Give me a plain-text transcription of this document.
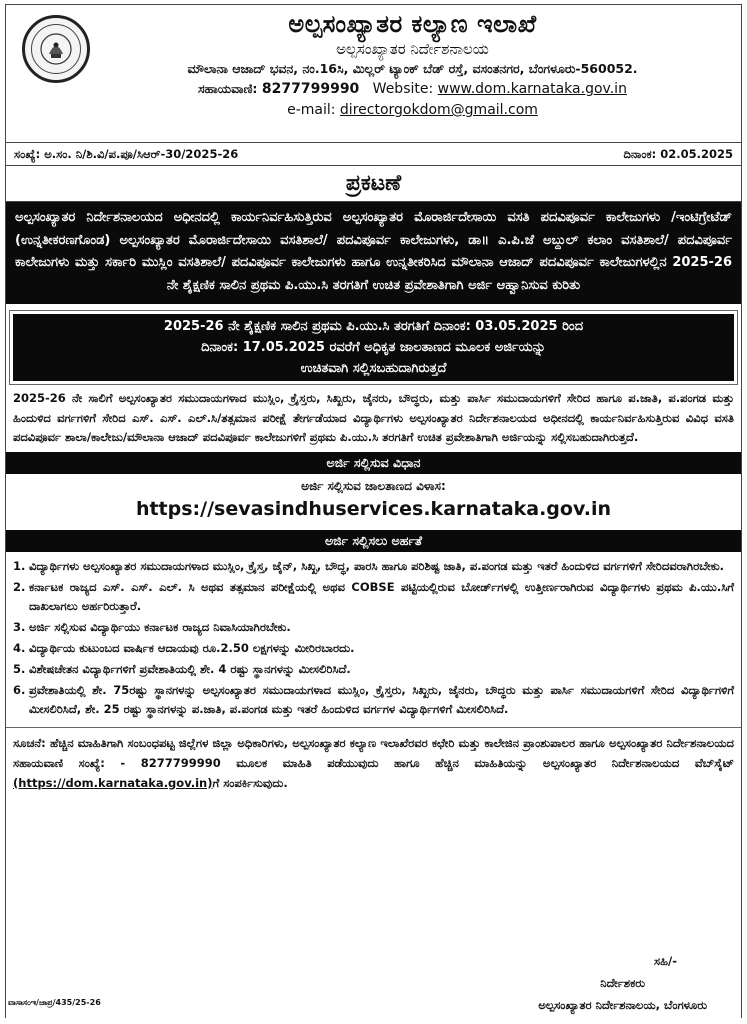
ಅಲ್ಪಸಂಖ್ಯಾತರ ಕಲ್ಯಾಣ ಇಲಾಖೆ
ಅಲ್ಪಸಂಖ್ಯಾತರ ನಿರ್ದೇಶನಾಲಯ
ಮೌಲಾನಾ ಆಜಾದ್ ಭವನ, ನಂ.16ಸಿ, ಮಿಲ್ಲರ್ ಟ್ಯಾಂಕ್ ಬೆಡ್ ರಸ್ತೆ, ವಸಂತನಗರ, ಬೆಂಗಳೂರು-560052.
ಸಹಾಯವಾಣಿ: 8277799990 Website: www.dom.karnataka.gov.in
e-mail: directorgokdom@gmail.com
ಸಂಖ್ಯೆ: ಅ.ಸಂ. ನಿ/ಶಿ.ವಿ/ಪ.ಪೂ/ಸಿಆರ್-30/2025-26	ದಿನಾಂಕ: 02.05.2025
ಪ್ರಕಟಣೆ
ಅಲ್ಪಸಂಖ್ಯಾತರ ನಿರ್ದೇಶನಾಲಯದ ಅಧೀನದಲ್ಲಿ ಕಾರ್ಯನಿರ್ವಹಿಸುತ್ತಿರುವ ಅಲ್ಪಸಂಖ್ಯಾತರ ಮೊರಾರ್ಜಿದೇಸಾಯಿ ವಸತಿ ಪದವಿಪೂರ್ವ ಕಾಲೇಜುಗಳು /ಇಂಟಿಗ್ರೇಟೆಡ್ (ಉನ್ನತೀಕರಣಗೊಂಡ) ಅಲ್ಪಸಂಖ್ಯಾತರ ಮೊರಾರ್ಜಿದೇಸಾಯಿ ವಸತಿಶಾಲೆ/ ಪದವಿಪೂರ್ವ ಕಾಲೇಜುಗಳು, ಡಾ॥ ಎ.ಪಿ.ಜೆ ಅಬ್ದುಲ್ ಕಲಾಂ ವಸತಿಶಾಲೆ/ ಪದವಿಪೂರ್ವ ಕಾಲೇಜುಗಳು ಮತ್ತು ಸರ್ಕಾರಿ ಮುಸ್ಲಿಂ ವಸತಿಶಾಲೆ/ ಪದವಿಪೂರ್ವ ಕಾಲೇಜುಗಳು ಹಾಗೂ ಉನ್ನತೀಕರಿಸಿದ ಮೌಲಾನಾ ಆಜಾದ್ ಪದವಿಪೂರ್ವ ಕಾಲೇಜುಗಳಲ್ಲಿನ 2025-26 ನೇ ಶೈಕ್ಷಣಿಕ ಸಾಲಿನ ಪ್ರಥಮ ಪಿ.ಯು.ಸಿ ತರಗತಿಗೆ ಉಚಿತ ಪ್ರವೇಶಾತಿಗಾಗಿ ಅರ್ಜಿ ಆಹ್ವಾನಿಸುವ ಕುರಿತು
2025-26 ನೇ ಶೈಕ್ಷಣಿಕ ಸಾಲಿನ ಪ್ರಥಮ ಪಿ.ಯು.ಸಿ ತರಗತಿಗೆ ದಿನಾಂಕ: 03.05.2025 ರಿಂದ
ದಿನಾಂಕ: 17.05.2025 ರವರೆಗೆ ಅಧಿಕೃತ ಜಾಲತಾಣದ ಮೂಲಕ ಅರ್ಜಿಯನ್ನು
ಉಚಿತವಾಗಿ ಸಲ್ಲಿಸಬಹುದಾಗಿರುತ್ತದೆ
2025-26 ನೇ ಸಾಲಿಗೆ ಅಲ್ಪಸಂಖ್ಯಾತರ ಸಮುದಾಯಗಳಾದ ಮುಸ್ಲಿಂ, ಕ್ರೈಸ್ತರು, ಸಿಖ್ಖರು, ಜೈನರು, ಬೌದ್ಧರು, ಮತ್ತು ಪಾರ್ಸಿ ಸಮುದಾಯಗಳಿಗೆ ಸೇರಿದ ಹಾಗೂ ಪ.ಜಾತಿ, ಪ.ಪಂಗಡ ಮತ್ತು ಹಿಂದುಳಿದ ವರ್ಗಗಳಿಗೆ ಸೇರಿದ ಎಸ್. ಎಸ್. ಎಲ್.ಸಿ/ತತ್ಸಮಾನ ಪರೀಕ್ಷೆ ತೇರ್ಗಡೆಯಾದ ವಿದ್ಯಾರ್ಥಿಗಳು ಅಲ್ಪಸಂಖ್ಯಾತರ ನಿರ್ದೇಶನಾಲಯದ ಅಧೀನದಲ್ಲಿ ಕಾರ್ಯನಿರ್ವಹಿಸುತ್ತಿರುವ ವಿವಿಧ ವಸತಿ ಪದವಿಪೂರ್ವ ಶಾಲಾ/ಕಾಲೇಜು/ಮೌಲಾನಾ ಆಜಾದ್ ಪದವಿಪೂರ್ವ ಕಾಲೇಜುಗಳಿಗೆ ಪ್ರಥಮ ಪಿ.ಯು.ಸಿ ತರಗತಿಗೆ ಉಚಿತ ಪ್ರವೇಶಾತಿಗಾಗಿ ಅರ್ಜಿಯನ್ನು ಸಲ್ಲಿಸಬಹುದಾಗಿರುತ್ತದೆ.
ಅರ್ಜಿ ಸಲ್ಲಿಸುವ ವಿಧಾನ
ಅರ್ಜಿ ಸಲ್ಲಿಸುವ ಜಾಲತಾಣದ ವಿಳಾಸ:
https://sevasindhuservices.karnataka.gov.in
ಅರ್ಜಿ ಸಲ್ಲಿಸಲು ಅರ್ಹತೆ
1. ವಿದ್ಯಾರ್ಥಿಗಳು ಅಲ್ಪಸಂಖ್ಯಾತರ ಸಮುದಾಯಗಳಾದ ಮುಸ್ಲಿಂ, ಕ್ರೈಸ್ತ, ಜೈನ್, ಸಿಖ್ಖ, ಬೌದ್ಧ, ಪಾರಸಿ ಹಾಗೂ ಪರಿಶಿಷ್ಟ ಜಾತಿ, ಪ.ಪಂಗಡ ಮತ್ತು ಇತರೆ ಹಿಂದುಳಿದ ವರ್ಗಗಳಿಗೆ ಸೇರಿದವರಾಗಿರಬೇಕು.
2. ಕರ್ನಾಟಕ ರಾಜ್ಯದ ಎಸ್. ಎಸ್. ಎಲ್. ಸಿ ಅಥವ ತತ್ಸಮಾನ ಪರೀಕ್ಷೆಯಲ್ಲಿ ಅಥವ COBSE ಪಟ್ಟಿಯಲ್ಲಿರುವ ಬೋರ್ಡ್‌ಗಳಲ್ಲಿ ಉತ್ತೀರ್ಣರಾಗಿರುವ ವಿದ್ಯಾರ್ಥಿಗಳು ಪ್ರಥಮ ಪಿ.ಯು.ಸಿಗೆ ದಾಖಲಾಗಲು ಅರ್ಹರಿರುತ್ತಾರೆ.
3. ಅರ್ಜಿ ಸಲ್ಲಿಸುವ ವಿದ್ಯಾರ್ಥಿಯು ಕರ್ನಾಟಕ ರಾಜ್ಯದ ನಿವಾಸಿಯಾಗಿರಬೇಕು.
4. ವಿದ್ಯಾರ್ಥಿಯ ಕುಟುಂಬದ ವಾರ್ಷಿಕ ಆದಾಯವು ರೂ.2.50 ಲಕ್ಷಗಳನ್ನು ಮೀರಿರಬಾರದು.
5. ವಿಶೇಷಚೇತನ ವಿದ್ಯಾರ್ಥಿಗಳಿಗೆ ಪ್ರವೇಶಾತಿಯಲ್ಲಿ ಶೇ. 4 ರಷ್ಟು ಸ್ಥಾನಗಳನ್ನು ಮೀಸಲಿರಿಸಿದೆ.
6. ಪ್ರವೇಶಾತಿಯಲ್ಲಿ ಶೇ. 75ರಷ್ಟು ಸ್ಥಾನಗಳನ್ನು ಅಲ್ಪಸಂಖ್ಯಾತರ ಸಮುದಾಯಗಳಾದ ಮುಸ್ಲಿಂ, ಕ್ರೈಸ್ತರು, ಸಿಖ್ಖರು, ಜೈನರು, ಬೌದ್ಧರು ಮತ್ತು ಪಾರ್ಸಿ ಸಮುದಾಯಗಳಿಗೆ ಸೇರಿದ ವಿದ್ಯಾರ್ಥಿಗಳಿಗೆ ಮೀಸಲಿರಿಸಿದೆ, ಶೇ. 25 ರಷ್ಟು ಸ್ಥಾನಗಳನ್ನು ಪ.ಜಾತಿ, ಪ.ಪಂಗಡ ಮತ್ತು ಇತರೆ ಹಿಂದುಳಿದ ವರ್ಗಗಳ ವಿದ್ಯಾರ್ಥಿಗಳಿಗೆ ಮೀಸಲಿರಿಸಿದೆ.
ಸೂಚನೆ: ಹೆಚ್ಚಿನ ಮಾಹಿತಿಗಾಗಿ ಸಂಬಂಧಪಟ್ಟ ಜಿಲ್ಲೆಗಳ ಜಿಲ್ಲಾ ಅಧಿಕಾರಿಗಳು, ಅಲ್ಪಸಂಖ್ಯಾತರ ಕಲ್ಯಾಣ ಇಲಾಖೆರವರ ಕಛೇರಿ ಮತ್ತು ಕಾಲೇಜಿನ ಪ್ರಾಂಶುಪಾಲರ ಹಾಗೂ ಅಲ್ಪಸಂಖ್ಯಾತರ ನಿರ್ದೇಶನಾಲಯದ ಸಹಾಯವಾಣಿ ಸಂಖ್ಯೆ: - 8277799990 ಮೂಲಕ ಮಾಹಿತಿ ಪಡೆಯುವುದು ಹಾಗೂ ಹೆಚ್ಚಿನ ಮಾಹಿತಿಯನ್ನು ಅಲ್ಪಸಂಖ್ಯಾತರ ನಿರ್ದೇಶನಾಲಯದ ವೆಬ್‌ಸೈಟ್ (https://dom.karnataka.gov.in)ಗೆ ಸಂಪರ್ಕಿಸುವುದು.
ಸಹಿ/-
ನಿರ್ದೇಶಕರು
ಅಲ್ಪಸಂಖ್ಯಾತರ ನಿರ್ದೇಶನಾಲಯ, ಬೆಂಗಳೂರು
ವಾಸಾಸಂಇ/ಜಾಪ್ರ/435/25-26
